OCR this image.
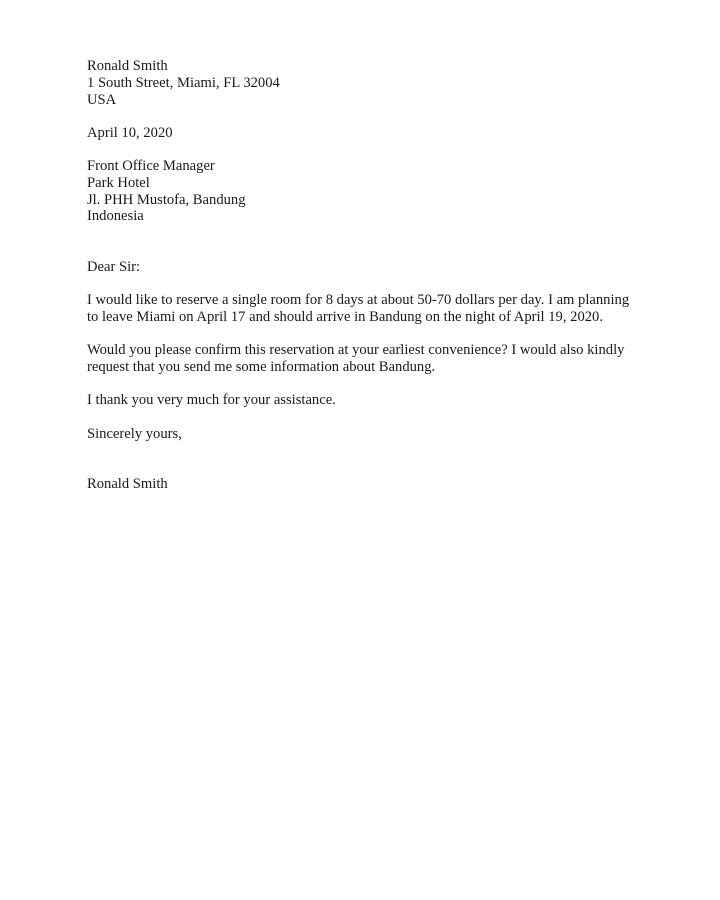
Ronald Smith
1 South Street, Miami, FL 32004
USA
April 10, 2020
Front Office Manager
Park Hotel
Jl. PHH Mustofa, Bandung
Indonesia
Dear Sir:
I would like to reserve a single room for 8 days at about 50-70 dollars per day. I am planning to leave Miami on April 17 and should arrive in Bandung on the night of April 19, 2020.
Would you please confirm this reservation at your earliest convenience? I would also kindly request that you send me some information about Bandung.
I thank you very much for your assistance.
Sincerely yours,
Ronald Smith
